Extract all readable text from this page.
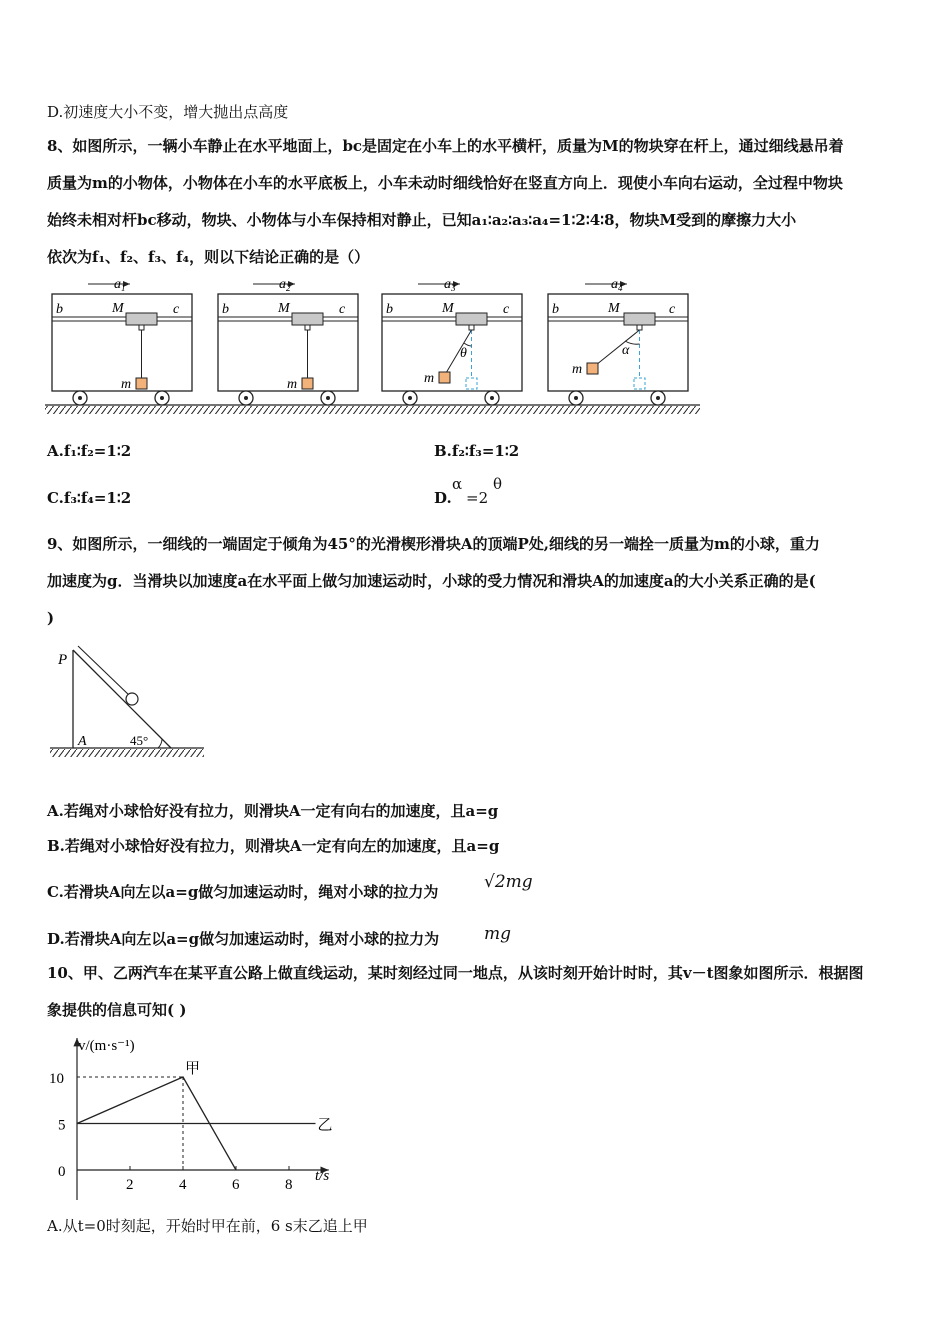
D.初速度大小不变，增大抛出点高度
8、如图所示，一辆小车静止在水平地面上，bc是固定在小车上的水平横杆，质量为M的物块穿在杆上，通过细线悬吊着
质量为m的小物体，小物体在小车的水平底板上，小车未动时细线恰好在竖直方向上．现使小车向右运动，全过程中物块
始终未相对杆bc移动，物块、小物体与小车保持相对静止，已知a₁∶a₂∶a₃∶a₄=1∶2∶4∶8，物块M受到的摩擦力大小
依次为f₁、f₂、f₃、f₄，则以下结论正确的是（）
$a_1$
b	c
M
m
$a_2$
b	c
M
m
$a_3$
b	c
M
m
θ
$a_4$
b	c
M
m
α
A.f₁∶f₂=1∶2	B.f₂∶f₃=1∶2
C.f₃∶f₄=1∶2	D.
α
=2
θ
9、如图所示，一细线的一端固定于倾角为45°的光滑楔形滑块A的顶端P处,细线的另一端拴一质量为m的小球，重力
加速度为g．当滑块以加速度a在水平面上做匀加速运动时，小球的受力情况和滑块A的加速度a的大小关系正确的是(
)
P
A	45°
A.若绳对小球恰好没有拉力，则滑块A一定有向右的加速度，且a=g
B.若绳对小球恰好没有拉力，则滑块A一定有向左的加速度，且a=g
C.若滑块A向左以a=g做匀加速运动时，绳对小球的拉力为	√2mg
D.若滑块A向左以a=g做匀加速运动时，绳对小球的拉力为	mg
10、甲、乙两汽车在某平直公路上做直线运动，某时刻经过同一地点，从该时刻开始计时时，其v－t图象如图所示．根据图
象提供的信息可知( )
v/(m·s⁻¹)
t/s
2	4	6	8
0
5
10
甲
乙
A.从t=0时刻起，开始时甲在前，6 s末乙追上甲
